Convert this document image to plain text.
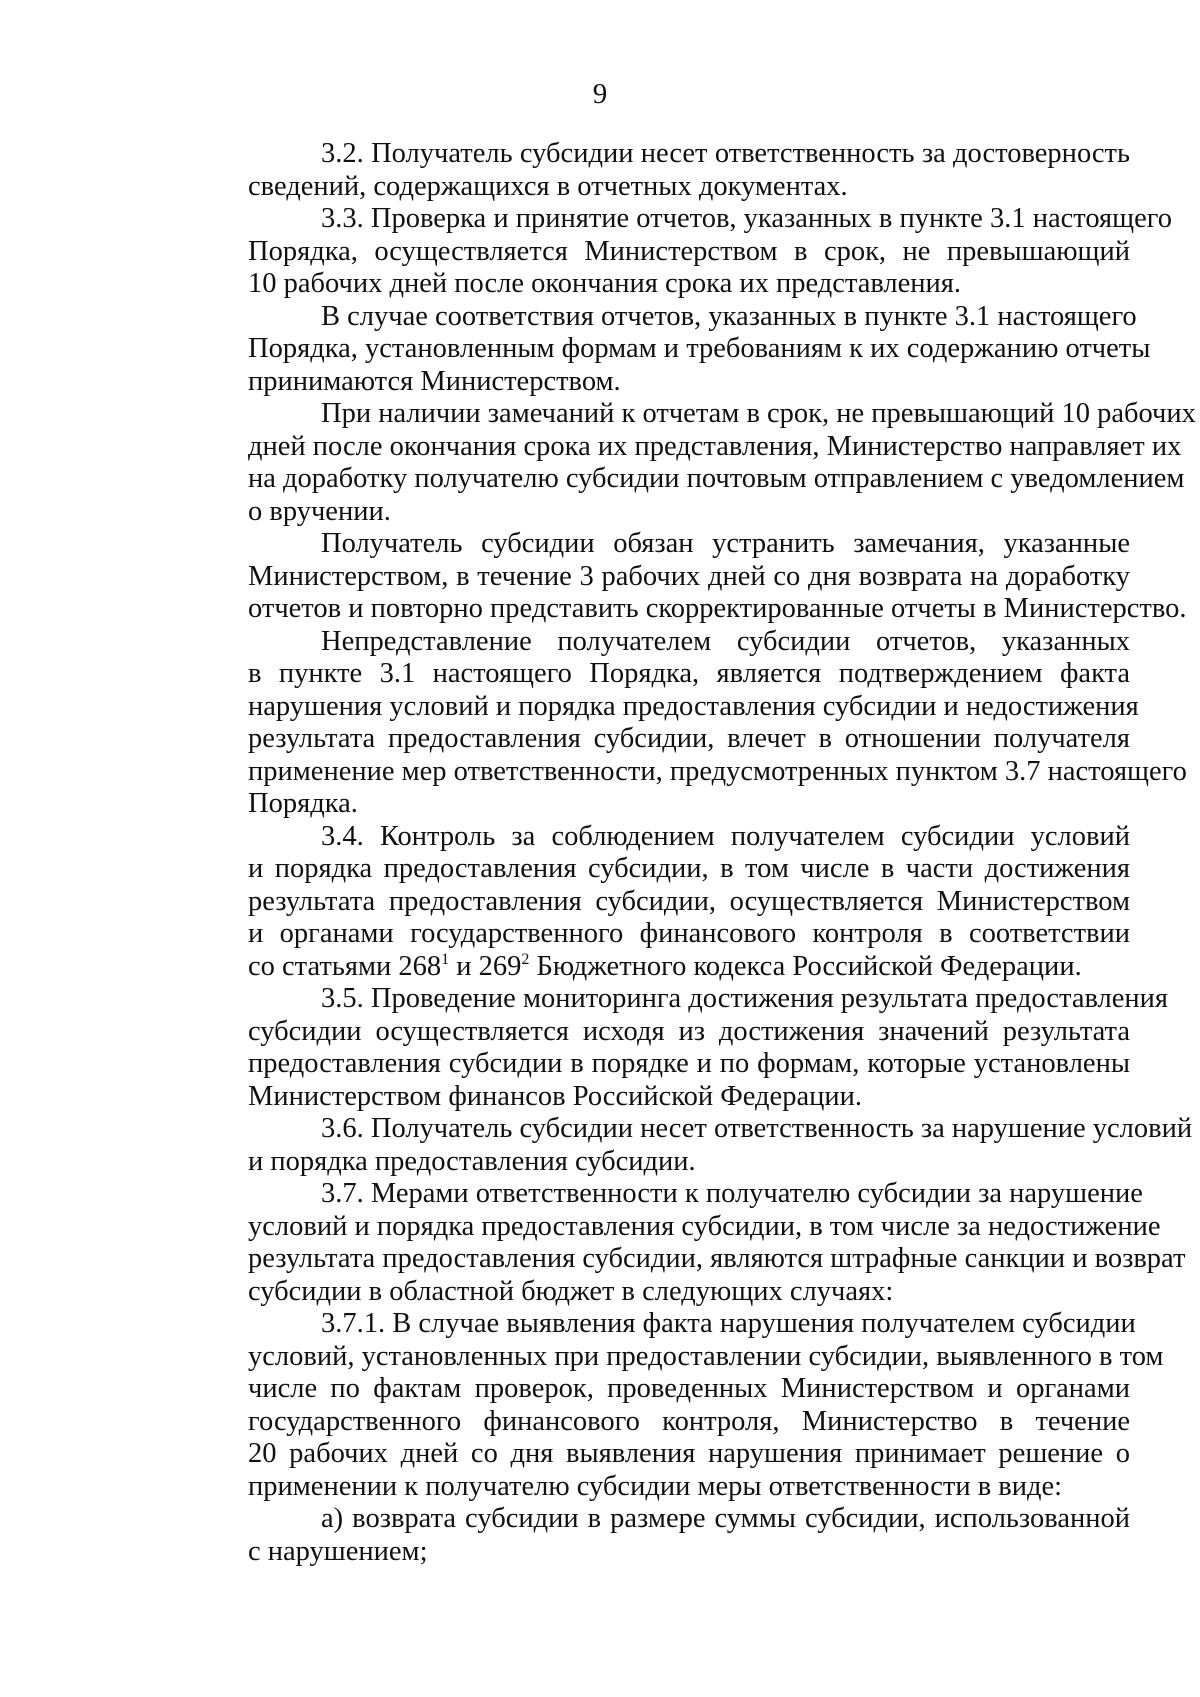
9

3.2. Получатель субсидии несет ответственность за достоверность
сведений, содержащихся в отчетных документах.

3.3. Проверка и принятие отчетов, указанных в пункте 3.1 настоящего
Порядка, осуществляется Министерством в срок, не превышающий
10 рабочих дней после окончания срока их представления.

В случае соответствия отчетов, указанных в пункте 3.1 настоящего
Порядка, установленным формам и требованиям к их содержанию отчеты
принимаются Министерством.

При наличии замечаний к отчетам в срок, не превышающий 10 рабочих
дней после окончания срока их представления, Министерство направляет их
на доработку получателю субсидии почтовым отправлением с уведомлением
о вручении.

Получатель субсидии обязан устранить замечания, указанные
Министерством, в течение 3 рабочих дней со дня возврата на доработку
отчетов и повторно представить скорректированные отчеты в Министерство.

Непредставление получателем субсидии отчетов, указанных
в пункте 3.1 настоящего Порядка, является подтверждением факта
нарушения условий и порядка предоставления субсидии и недостижения
результата предоставления субсидии, влечет в отношении получателя
применение мер ответственности, предусмотренных пунктом 3.7 настоящего
Порядка.

3.4. Контроль за соблюдением получателем субсидии условий
и порядка предоставления субсидии, в том числе в части достижения
результата предоставления субсидии, осуществляется Министерством
и органами государственного финансового контроля в соответствии
со статьями $268^1$ и $269^2$ Бюджетного кодекса Российской Федерации.

3.5. Проведение мониторинга достижения результата предоставления
субсидии осуществляется исходя из достижения значений результата
предоставления субсидии в порядке и по формам, которые установлены
Министерством финансов Российской Федерации.

3.6. Получатель субсидии несет ответственность за нарушение условий
и порядка предоставления субсидии.

3.7. Мерами ответственности к получателю субсидии за нарушение
условий и порядка предоставления субсидии, в том числе за недостижение
результата предоставления субсидии, являются штрафные санкции и возврат
субсидии в областной бюджет в следующих случаях:

3.7.1. В случае выявления факта нарушения получателем субсидии
условий, установленных при предоставлении субсидии, выявленного в том
числе по фактам проверок, проведенных Министерством и органами
государственного финансового контроля, Министерство в течение
20 рабочих дней со дня выявления нарушения принимает решение о
применении к получателю субсидии меры ответственности в виде:

а) возврата субсидии в размере суммы субсидии, использованной
с нарушением;
